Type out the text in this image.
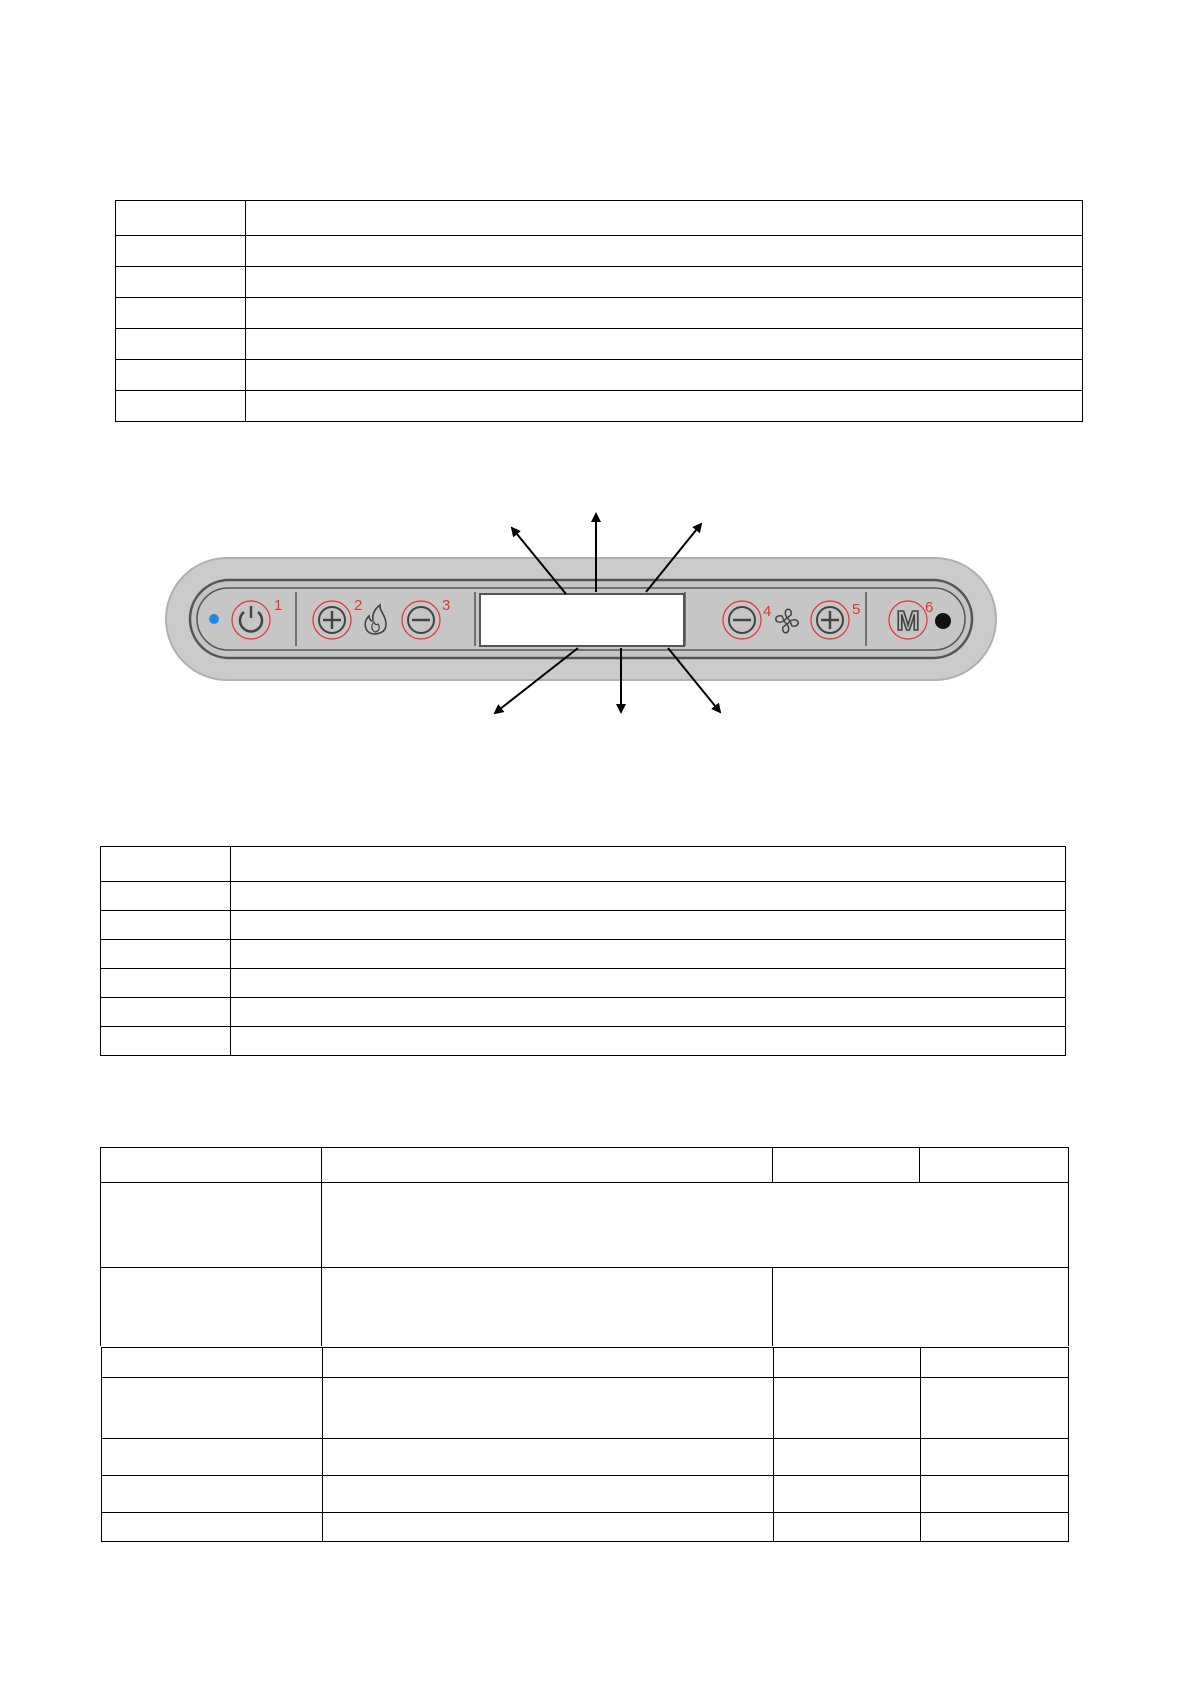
1	2	3	4	5 M 6
